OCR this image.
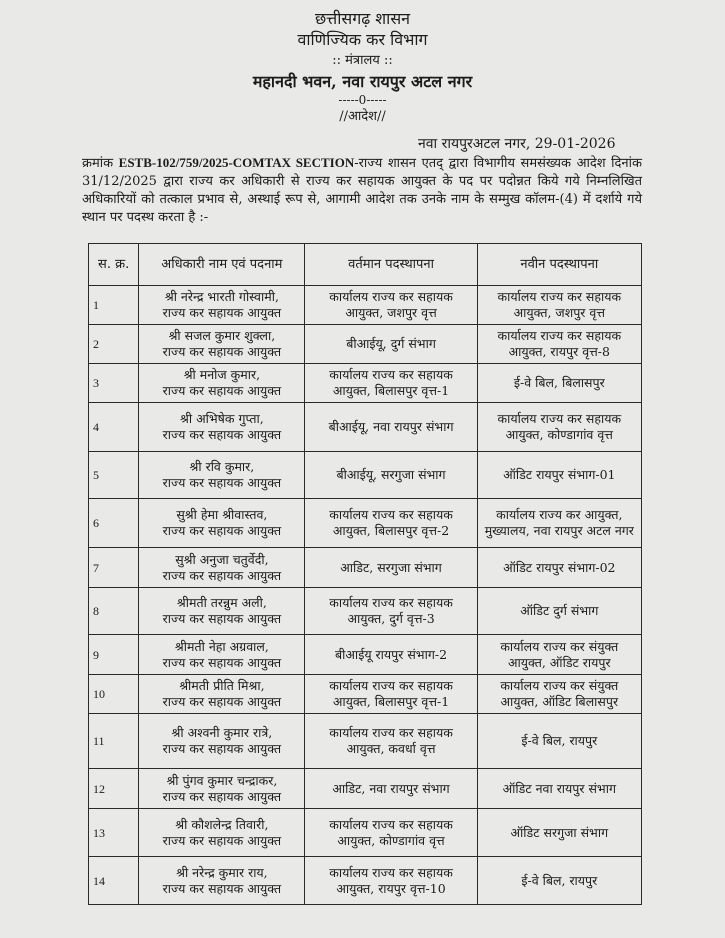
छत्तीसगढ़ शासन
वाणिज्यिक कर विभाग
:: मंत्रालय ::
महानदी भवन, नवा रायपुर अटल नगर
-----0-----
//आदेश//
नवा रायपुरअटल नगर, 29-01-2026
क्रमांक ESTB-102/759/2025-COMTAX SECTION-राज्य शासन एतद् द्वारा विभागीय समसंख्यक आदेश दिनांक 31/12/2025 द्वारा राज्य कर अधिकारी से राज्य कर सहायक आयुक्त के पद पर पदोन्नत किये गये निम्नलिखित अधिकारियों को तत्काल प्रभाव से, अस्थाई रूप से, आगामी आदेश तक उनके नाम के सम्मुख कॉलम-(4) में दर्शाये गये स्थान पर पदस्थ करता है :-
स. क्र.	अधिकारी नाम एवं पदनाम	वर्तमान पदस्थापना	नवीन पदस्थापना
1	श्री नरेन्द्र भारती गोस्वामी,
राज्य कर सहायक आयुक्त	कार्यालय राज्य कर सहायक आयुक्त, जशपुर वृत्त	कार्यालय राज्य कर सहायक आयुक्त, जशपुर वृत्त
2	श्री सजल कुमार शुक्ला,
राज्य कर सहायक आयुक्त	बीआईयू, दुर्ग संभाग	कार्यालय राज्य कर सहायक आयुक्त, रायपुर वृत्त-8
3	श्री मनोज कुमार,
राज्य कर सहायक आयुक्त	कार्यालय राज्य कर सहायक आयुक्त, बिलासपुर वृत्त-1	ई-वे बिल, बिलासपुर
4	श्री अभिषेक गुप्ता,
राज्य कर सहायक आयुक्त	बीआईयू, नवा रायपुर संभाग	कार्यालय राज्य कर सहायक आयुक्त, कोण्डागांव वृत्त
5	श्री रवि कुमार,
राज्य कर सहायक आयुक्त	बीआईयू, सरगुजा संभाग	ऑडिट रायपुर संभाग-01
6	सुश्री हेमा श्रीवास्तव,
राज्य कर सहायक आयुक्त	कार्यालय राज्य कर सहायक आयुक्त, बिलासपुर वृत्त-2	कार्यालय राज्य कर आयुक्त, मुख्यालय, नवा रायपुर अटल नगर
7	सुश्री अनुजा चतुर्वेदी,
राज्य कर सहायक आयुक्त	आडिट, सरगुजा संभाग	ऑडिट रायपुर संभाग-02
8	श्रीमती तरन्नुम अली,
राज्य कर सहायक आयुक्त	कार्यालय राज्य कर सहायक आयुक्त, दुर्ग वृत्त-3	ऑडिट दुर्ग संभाग
9	श्रीमती नेहा अग्रवाल,
राज्य कर सहायक आयुक्त	बीआईयू रायपुर संभाग-2	कार्यालय राज्य कर संयुक्त आयुक्त, ऑडिट रायपुर
10	श्रीमती प्रीति मिश्रा,
राज्य कर सहायक आयुक्त	कार्यालय राज्य कर सहायक आयुक्त, बिलासपुर वृत्त-1	कार्यालय राज्य कर संयुक्त आयुक्त, ऑडिट बिलासपुर
11	श्री अश्वनी कुमार रात्रे,
राज्य कर सहायक आयुक्त	कार्यालय राज्य कर सहायक आयुक्त, कवर्धा वृत्त	ई-वे बिल, रायपुर
12	श्री पुंगव कुमार चन्द्राकर,
राज्य कर सहायक आयुक्त	आडिट, नवा रायपुर संभाग	ऑडिट नवा रायपुर संभाग
13	श्री कौशलेन्द्र तिवारी,
राज्य कर सहायक आयुक्त	कार्यालय राज्य कर सहायक आयुक्त, कोण्डागांव वृत्त	ऑडिट सरगुजा संभाग
14	श्री नरेन्द्र कुमार राय,
राज्य कर सहायक आयुक्त	कार्यालय राज्य कर सहायक आयुक्त, रायपुर वृत्त-10	ई-वे बिल, रायपुर
